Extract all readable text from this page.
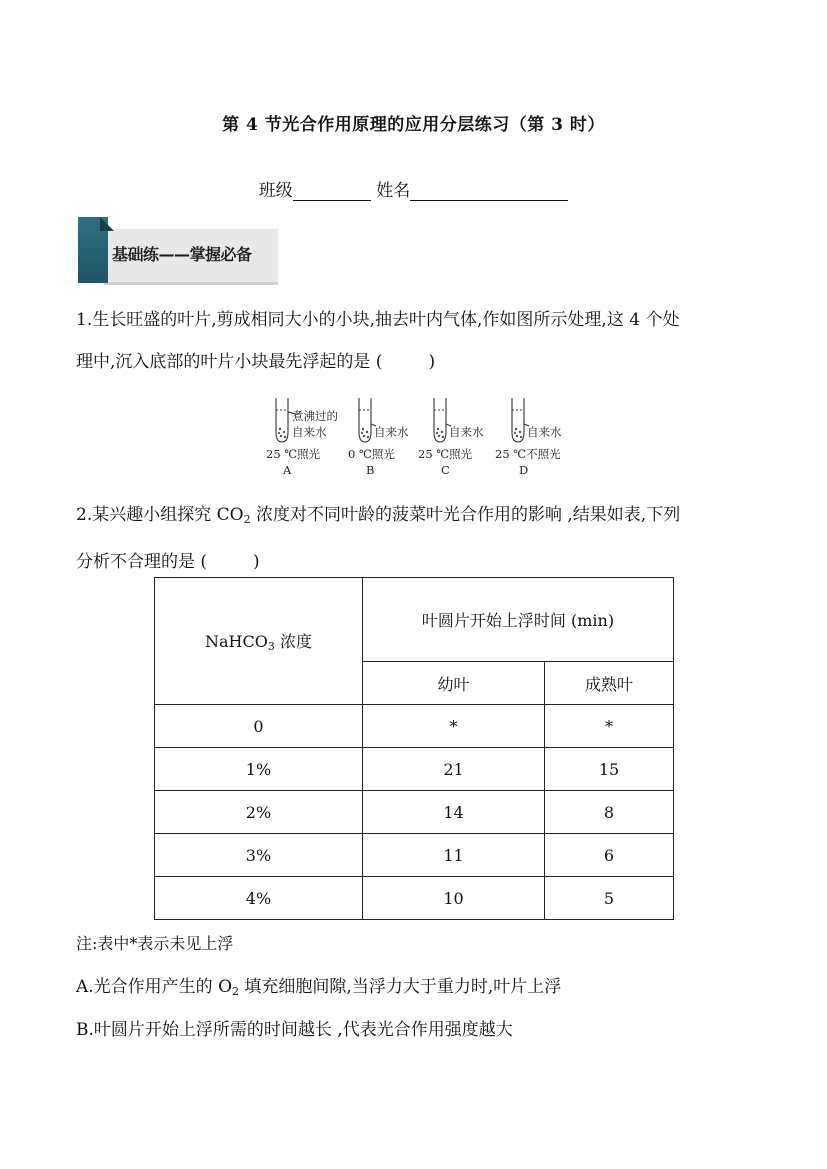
第 4 节光合作用原理的应用分层练习（第 3 时）
班级	姓名
基础练——掌握必备
1.生长旺盛的叶片,剪成相同大小的小块,抽去叶内气体,作如图所示处理,这 4 个处
理中,沉入底部的叶片小块最先浮起的是 (	)
煮沸过的
自来水
25 ℃照光
A
自来水
0 ℃照光
B
自来水
25 ℃照光
C
自来水
25 ℃不照光
D
2.某兴趣小组探究 $CO_2$ 浓度对不同叶龄的菠菜叶光合作用的影响 ,结果如表,下列
分析不合理的是 (	)
NaHCO$_3$ 浓度	叶圆片开始上浮时间 (min)	
	幼叶	成熟叶
0	*	*
1%	21	15
2%	14	8
3%	11	6
4%	10	5
注:表中*表示未见上浮
A.光合作用产生的 $O_2$ 填充细胞间隙,当浮力大于重力时,叶片上浮
B.叶圆片开始上浮所需的时间越长 ,代表光合作用强度越大
